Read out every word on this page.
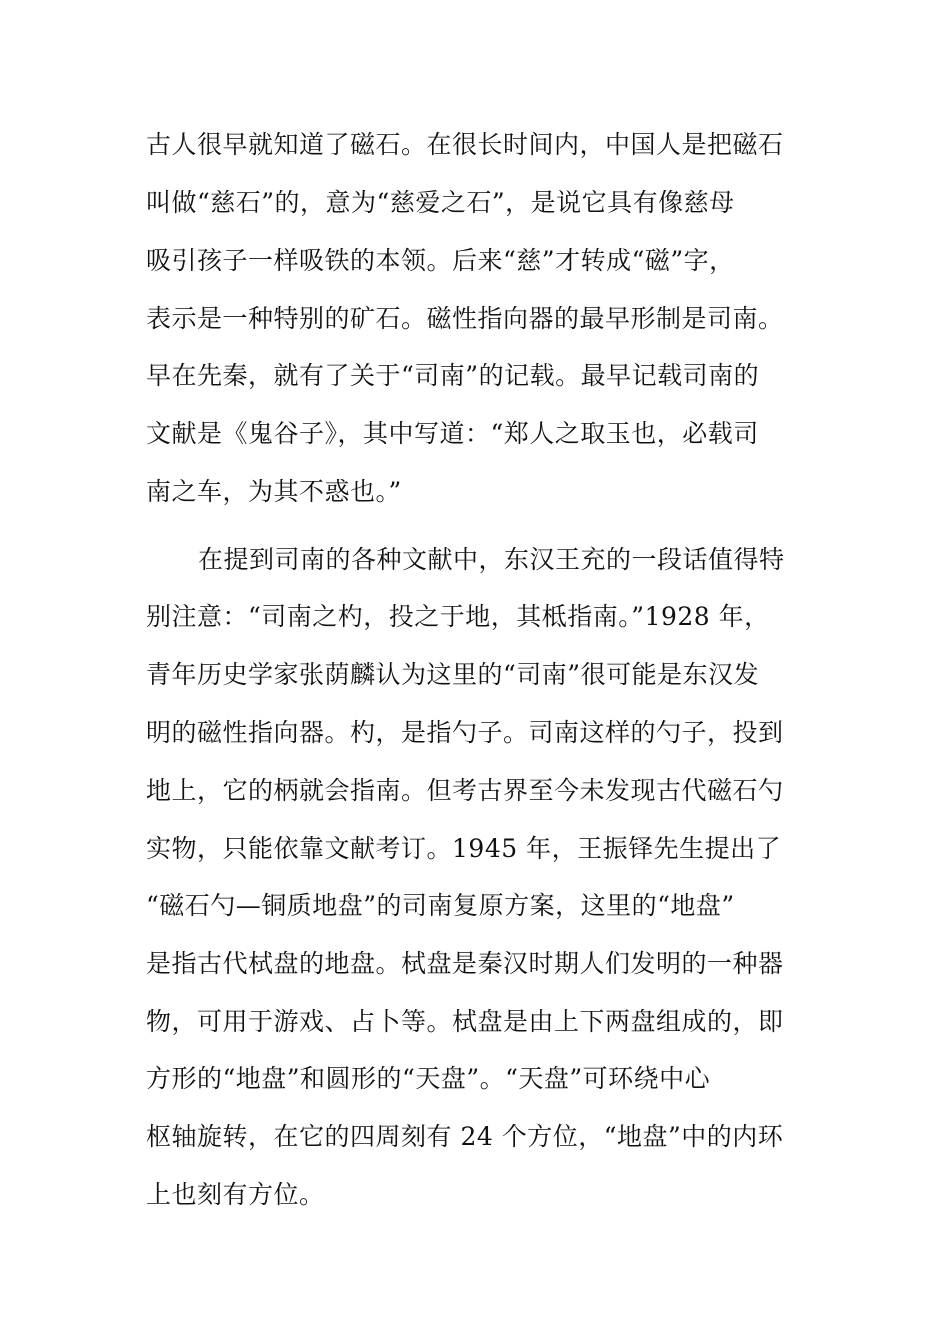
古人很早就知道了磁石。在很长时间内，中国人是把磁石
叫做“慈石”的，意为“慈爱之石”，是说它具有像慈母
吸引孩子一样吸铁的本领。后来“慈”才转成“磁”字，
表示是一种特别的矿石。磁性指向器的最早形制是司南。
早在先秦，就有了关于“司南”的记载。最早记载司南的
文献是《鬼谷子》，其中写道：“郑人之取玉也，必载司
南之车，为其不惑也。”
在提到司南的各种文献中，东汉王充的一段话值得特
别注意：“司南之杓，投之于地，其柢指南。”1928 年，
青年历史学家张荫麟认为这里的“司南”很可能是东汉发
明的磁性指向器。杓，是指勺子。司南这样的勺子，投到
地上，它的柄就会指南。但考古界至今未发现古代磁石勺
实物，只能依靠文献考订。1945 年，王振铎先生提出了
“磁石勺—铜质地盘”的司南复原方案，这里的“地盘”
是指古代栻盘的地盘。栻盘是秦汉时期人们发明的一种器
物，可用于游戏、占卜等。栻盘是由上下两盘组成的，即
方形的“地盘”和圆形的“天盘”。“天盘”可环绕中心
枢轴旋转，在它的四周刻有 24 个方位，“地盘”中的内环
上也刻有方位。
